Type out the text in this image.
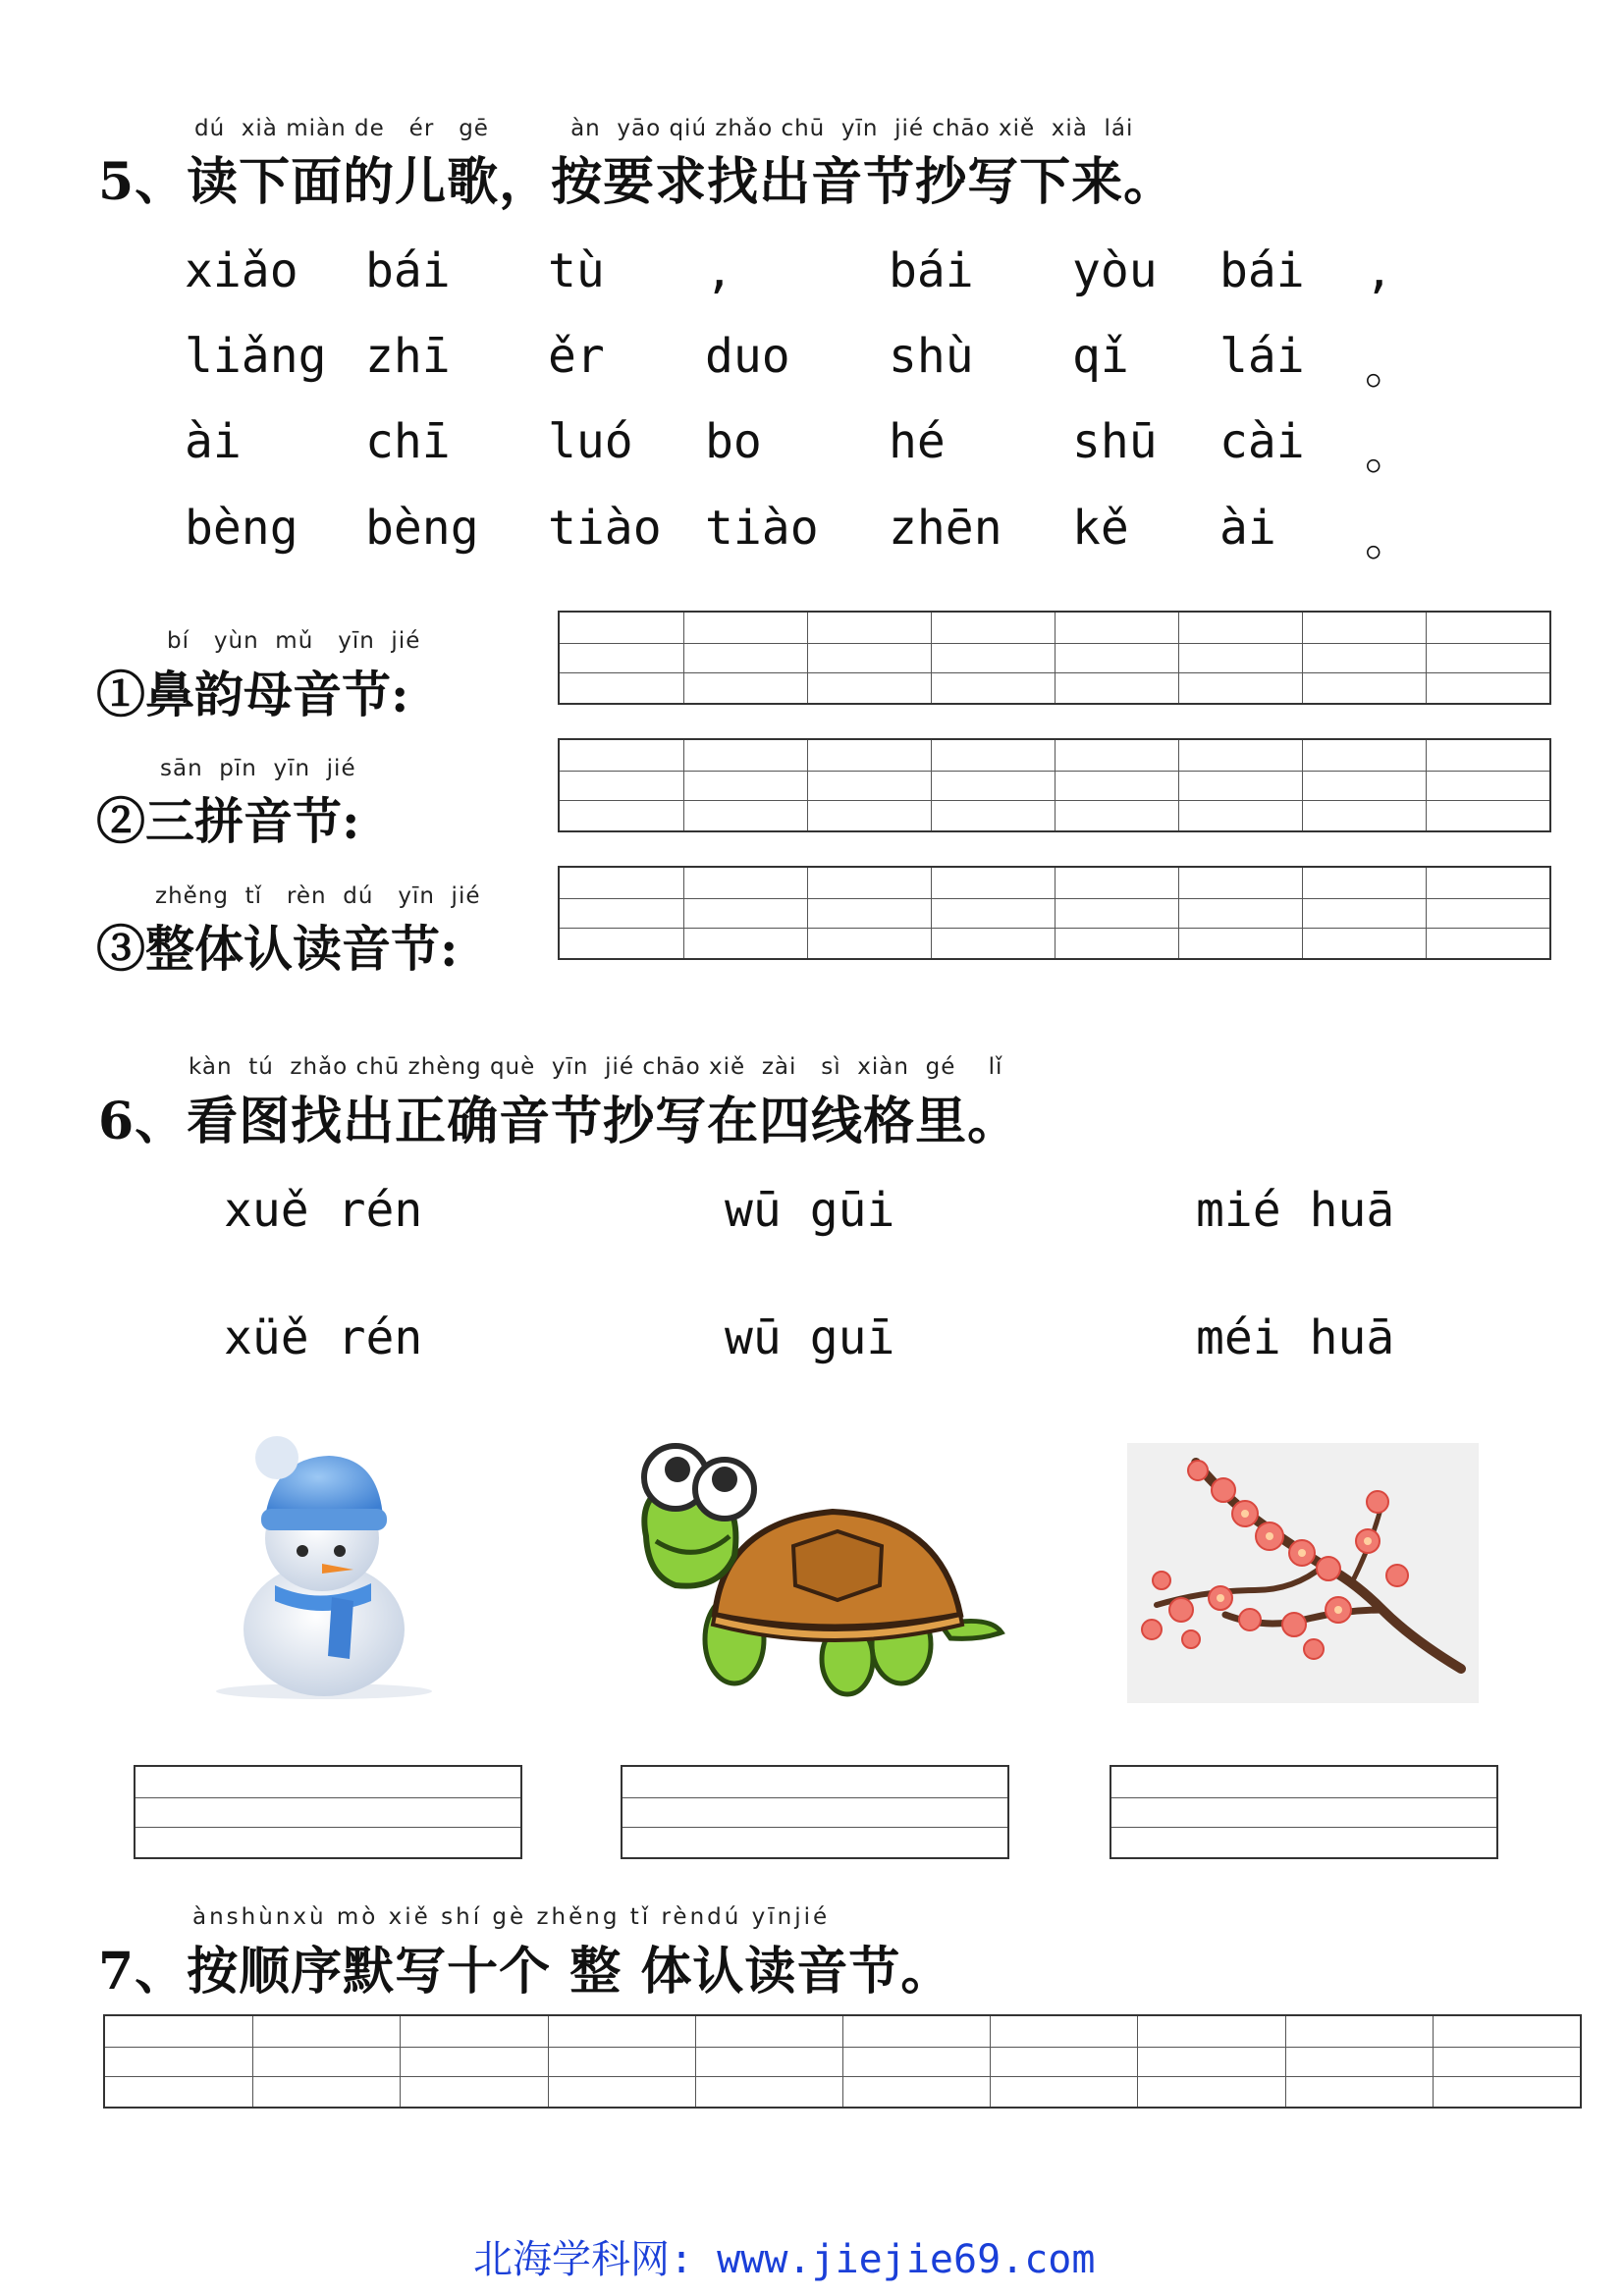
dú  xià miàn de   ér   gē          àn  yāo qiú zhǎo chū  yīn  jié chāo xiě  xià  lái
5、读下面的儿歌，按要求找出音节抄写下来。
xiǎo bái tù ,	bái yòu bái ,
liǎng zhī ěr duo shù qǐ lái 。
ài	chī luó bo	hé	shū cài 。
bèng bèng tiào tiào zhēn kě ài 。
bí   yùn  mǔ   yīn  jié
①鼻韵母音节:
sān  pīn  yīn  jié
②三拼音节:
zhěng  tǐ   rèn  dú   yīn  jié
③整体认读音节:
kàn  tú  zhǎo chū zhèng què  yīn  jié chāo xiě  zài   sì  xiàn  gé    lǐ
6、看图找出正确音节抄写在四线格里。
xuě rén	wū gūi	mié huā
xüě rén	wū guī	méi huā
ànshùnxù mò xiě shí gè zhěng tǐ rèndú yīnjié
7、按顺序默写十个 整 体认读音节。
北海学科网: www.jiejie69.com
